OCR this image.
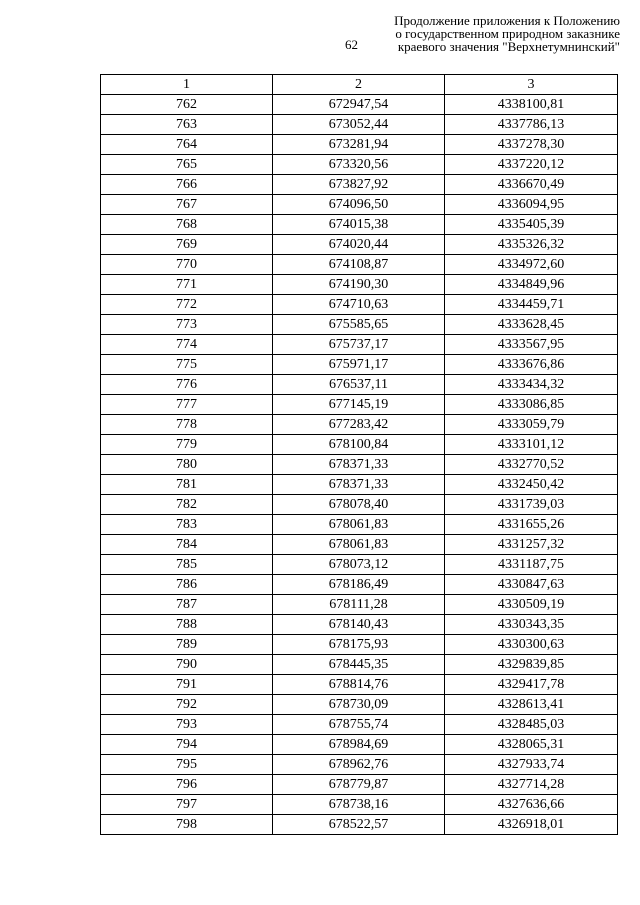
62
Продолжение приложения к Положению
о государственном природном заказнике
краевого значения "Верхнетумнинский"
1	2	3
762	672947,54	4338100,81
763	673052,44	4337786,13
764	673281,94	4337278,30
765	673320,56	4337220,12
766	673827,92	4336670,49
767	674096,50	4336094,95
768	674015,38	4335405,39
769	674020,44	4335326,32
770	674108,87	4334972,60
771	674190,30	4334849,96
772	674710,63	4334459,71
773	675585,65	4333628,45
774	675737,17	4333567,95
775	675971,17	4333676,86
776	676537,11	4333434,32
777	677145,19	4333086,85
778	677283,42	4333059,79
779	678100,84	4333101,12
780	678371,33	4332770,52
781	678371,33	4332450,42
782	678078,40	4331739,03
783	678061,83	4331655,26
784	678061,83	4331257,32
785	678073,12	4331187,75
786	678186,49	4330847,63
787	678111,28	4330509,19
788	678140,43	4330343,35
789	678175,93	4330300,63
790	678445,35	4329839,85
791	678814,76	4329417,78
792	678730,09	4328613,41
793	678755,74	4328485,03
794	678984,69	4328065,31
795	678962,76	4327933,74
796	678779,87	4327714,28
797	678738,16	4327636,66
798	678522,57	4326918,01
